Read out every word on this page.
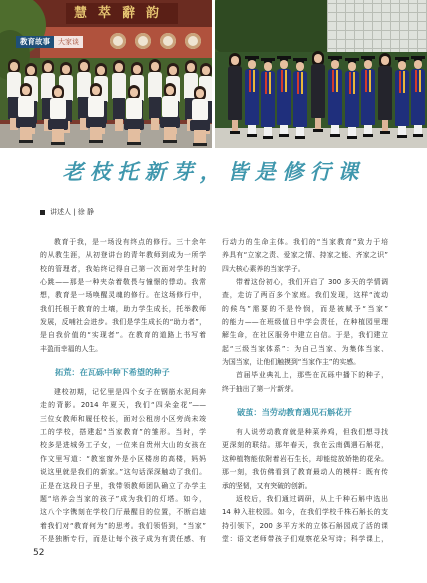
慧萃辭韵
教育故事	大家谈
老枝托新芽，皆是修行课
讲述人 | 徐 静
教育于我，是一场没有终点的修行。三十余年
的从教生涯，从初登讲台的青年教师到成为一所学
校的管理者，我始终记得自己第一次面对学生时的
心跳——那是一种夹杂着敬畏与憧憬的悸动。我常
想，教育是一场唤醒灵魂的修行。在这场修行中，
我们托根于教育的土壤，助力学生成长，托举教师
发展，反哺社会进步。我们是学生成长的“助力者”，
是自我价值的“实现者”。在教育的道路上书写着
丰盈而幸福的人生。
拓荒：在瓦砾中种下希望的种子
建校初期，记忆里是四个女子在钢筋水泥间奔
走的背影。2014 年夏天，我们“四朵金花”——
三位女教师和履任校长，面对公租房小区旁尚未竣
工的学校，搭建起“当家教育”的雏形。当时，学
校多是进城务工子女，一位来自贵州大山的女孩在
作文里写道：“教室窗外是小区楼房的高楼，妈妈
说这里就是我们的新家。”这句话深深触动了我们。
正是在这段日子里，我带领教师团队确立了办学主
题“培养会当家的孩子”成为我们的灯塔。如今，
这八个字镌刻在学校门厅最醒目的位置，不断启迪
着我们对“教育何为”的思考。我们领悟到，“当家”
不是独断专行，而是让每个孩子成为有责任感、有
行动力的生命主体。我们的“当家教育”致力于培
养具有“立家之责、爱家之情、持家之能、齐家之识”
四大核心素养的当家学子。
带着这份初心，我们开启了 300 多天的学情调
查，走访了两百多个家庭。我们发现，这样“流动
的候鸟”需要的不是怜悯，而是被赋予“当家”
的能力——在班级值日中学会责任，在种植园里理
解生命，在社区服务中建立自信。于是，我们建立
起“三级当家体系”：为自己当家、为集体当家、
为国当家，让他们触摸到“当家作主”的实感。
首届毕业典礼上，那些在瓦砾中播下的种子，
终于抽出了第一片新芽。
破茧：当劳动教育遇见石斛花开
有人说劳动教育就是种菜养鸡，但我们想寻找
更深刻的联结。那年春天，我在云南偶遇石斛花，
这种植物能依附着岩石生长，却能绽放娇艳的花朵。
那一刻，我仿佛看到了教育最动人的模样：既有传
承的坚韧，又有突破的创新。
返校后，我们通过调研，从上千种石斛中选出
14 种入驻校园。如今，在我们学校千株石斛长的支
持引领下，200 多平方米的立体石斛园成了活的课
堂：语文老师带孩子们观察花朵写诗；科学课上，
52
